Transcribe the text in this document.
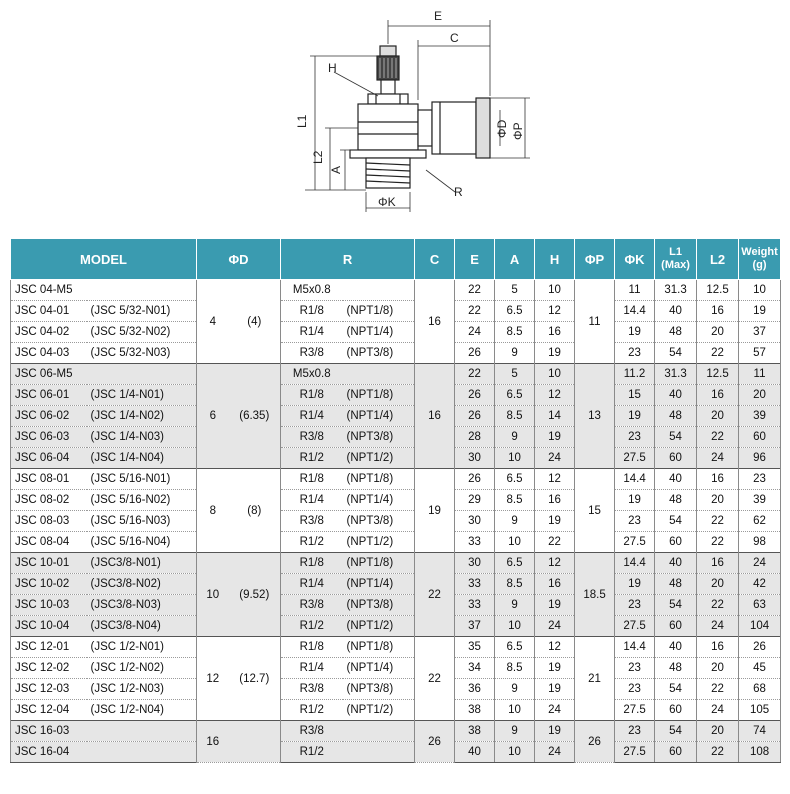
E
C
H
L1
L2
A
ΦD ΦP
R
ΦK
MODEL		ΦD		R		C	E	A	H	ΦP	ΦK	L1
(Max)	L2	Weight
(g)
JSC 04-M5		4	(4)	M5x0.8		16	22	5	10	11	11	31.3	12.5	10
JSC 04-01	(JSC 5/32-N01)			R1/8	(NPT1/8)		22	6.5	12		14.4	40	16	19
JSC 04-02	(JSC 5/32-N02)			R1/4	(NPT1/4)		24	8.5	16		19	48	20	37
JSC 04-03	(JSC 5/32-N03)			R3/8	(NPT3/8)		26	9	19		23	54	22	57
JSC 06-M5		6	(6.35)	M5x0.8		16	22	5	10	13	11.2	31.3	12.5	11
JSC 06-01	(JSC 1/4-N01)			R1/8	(NPT1/8)		26	6.5	12		15	40	16	20
JSC 06-02	(JSC 1/4-N02)			R1/4	(NPT1/4)		26	8.5	14		19	48	20	39
JSC 06-03	(JSC 1/4-N03)			R3/8	(NPT3/8)		28	9	19		23	54	22	60
JSC 06-04	(JSC 1/4-N04)			R1/2	(NPT1/2)		30	10	24		27.5	60	24	96
JSC 08-01	(JSC 5/16-N01)	8	(8)	R1/8	(NPT1/8)	19	26	6.5	12	15	14.4	40	16	23
JSC 08-02	(JSC 5/16-N02)			R1/4	(NPT1/4)		29	8.5	16		19	48	20	39
JSC 08-03	(JSC 5/16-N03)			R3/8	(NPT3/8)		30	9	19		23	54	22	62
JSC 08-04	(JSC 5/16-N04)			R1/2	(NPT1/2)		33	10	22		27.5	60	22	98
JSC 10-01	(JSC3/8-N01)	10	(9.52)	R1/8	(NPT1/8)	22	30	6.5	12	18.5	14.4	40	16	24
JSC 10-02	(JSC3/8-N02)			R1/4	(NPT1/4)		33	8.5	16		19	48	20	42
JSC 10-03	(JSC3/8-N03)			R3/8	(NPT3/8)		33	9	19		23	54	22	63
JSC 10-04	(JSC3/8-N04)			R1/2	(NPT1/2)		37	10	24		27.5	60	24	104
JSC 12-01	(JSC 1/2-N01)	12	(12.7)	R1/8	(NPT1/8)	22	35	6.5	12	21	14.4	40	16	26
JSC 12-02	(JSC 1/2-N02)			R1/4	(NPT1/4)		34	8.5	19		23	48	20	45
JSC 12-03	(JSC 1/2-N03)			R3/8	(NPT3/8)		36	9	19		23	54	22	68
JSC 12-04	(JSC 1/2-N04)			R1/2	(NPT1/2)		38	10	24		27.5	60	24	105
JSC 16-03		16		R3/8		26	38	9	19	26	23	54	20	74
JSC 16-04				R1/2			40	10	24		27.5	60	22	108
